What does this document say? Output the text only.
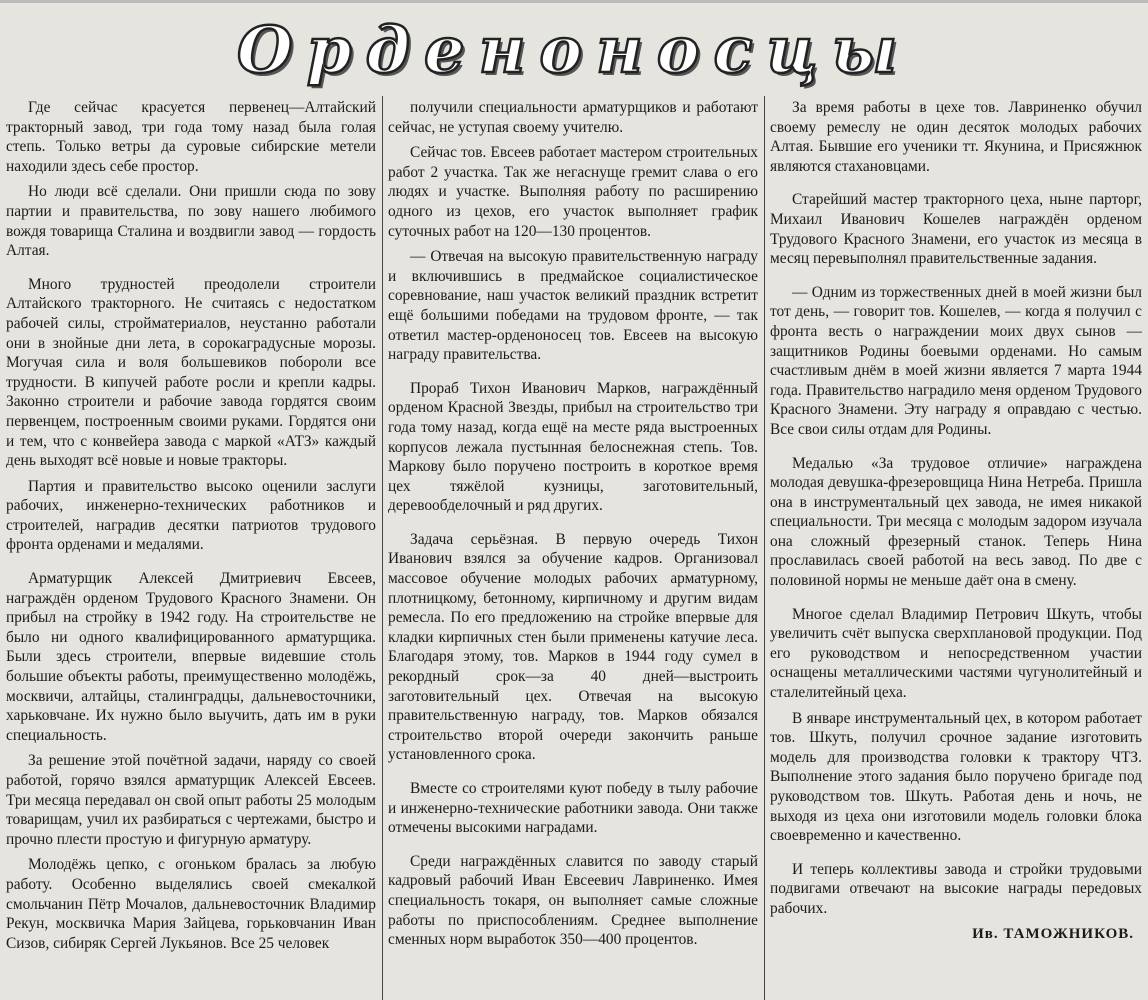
Орденоносцы

Где сейчас красуется первенец—Алтайский тракторный завод, три года тому назад была голая степь. Только ветры да суровые сибирские метели находили здесь себе простор.

Но люди всё сделали. Они пришли сюда по зову партии и правительства, по зову нашего любимого вождя товарища Сталина и воздвигли завод — гордость Алтая.

Много трудностей преодолели строители Алтайского тракторного. Не считаясь с недостатком рабочей силы, стройматериалов, неустанно работали они в знойные дни лета, в сорокаградусные морозы. Могучая сила и воля большевиков побороли все трудности. В кипучей работе росли и крепли кадры. Законно строители и рабочие завода гордятся своим первенцем, построенным своими руками. Гордятся они и тем, что с конвейера завода с маркой «АТЗ» каждый день выходят всё новые и новые тракторы.

Партия и правительство высоко оценили заслуги рабочих, инженерно-технических работников и строителей, наградив десятки патриотов трудового фронта орденами и медалями.

Арматурщик Алексей Дмитриевич Евсеев, награждён орденом Трудового Красного Знамени. Он прибыл на стройку в 1942 году. На строительстве не было ни одного квалифицированного арматурщика. Были здесь строители, впервые видевшие столь большие объекты работы, преимущественно молодёжь, москвичи, алтайцы, сталинградцы, дальневосточники, харьковчане. Их нужно было выучить, дать им в руки специальность.

За решение этой почётной задачи, наряду со своей работой, горячо взялся арматурщик Алексей Евсеев. Три месяца передавал он свой опыт работы 25 молодым товарищам, учил их разбираться с чертежами, быстро и прочно плести простую и фигурную арматуру.

Молодёжь цепко, с огоньком бралась за любую работу. Особенно выделялись своей смекалкой смольчанин Пётр Мочалов, дальневосточник Владимир Рекун, москвичка Мария Зайцева, горьковчанин Иван Сизов, сибиряк Сергей Лукьянов. Все 25 человек

получили специальности арматурщиков и работают сейчас, не уступая своему учителю.

Сейчас тов. Евсеев работает мастером строительных работ 2 участка. Так же негаснуще гремит слава о его людях и участке. Выполняя работу по расширению одного из цехов, его участок выполняет график суточных работ на 120—130 процентов.

— Отвечая на высокую правительственную награду и включившись в предмайское социалистическое соревнование, наш участок великий праздник встретит ещё большими победами на трудовом фронте, — так ответил мастер-орденоносец тов. Евсеев на высокую награду правительства.

Прораб Тихон Иванович Марков, награждённый орденом Красной Звезды, прибыл на строительство три года тому назад, когда ещё на месте ряда выстроенных корпусов лежала пустынная белоснежная степь. Тов. Маркову было поручено построить в короткое время цех тяжёлой кузницы, заготовительный, деревообделочный и ряд других.

Задача серьёзная. В первую очередь Тихон Иванович взялся за обучение кадров. Организовал массовое обучение молодых рабочих арматурному, плотницкому, бетонному, кирпичному и другим видам ремесла. По его предложению на стройке впервые для кладки кирпичных стен были применены катучие леса. Благодаря этому, тов. Марков в 1944 году сумел в рекордный срок—за 40 дней—выстроить заготовительный цех. Отвечая на высокую правительственную награду, тов. Марков обязался строительство второй очереди закончить раньше установленного срока.

Вместе со строителями куют победу в тылу рабочие и инженерно-технические работники завода. Они также отмечены высокими наградами.

Среди награждённых славится по заводу старый кадровый рабочий Иван Евсеевич Лавриненко. Имея специальность токаря, он выполняет самые сложные работы по приспособлениям. Среднее выполнение сменных норм выработок 350—400 процентов.

За время работы в цехе тов. Лавриненко обучил своему ремеслу не один десяток молодых рабочих Алтая. Бывшие его ученики тт. Якунина, и Присяжнюк являются стахановцами.

Старейший мастер тракторного цеха, ныне парторг, Михаил Иванович Кошелев награждён орденом Трудового Красного Знамени, его участок из месяца в месяц перевыполнял правительственные задания.

— Одним из торжественных дней в моей жизни был тот день, — говорит тов. Кошелев, — когда я получил с фронта весть о награждении моих двух сынов — защитников Родины боевыми орденами. Но самым счастливым днём в моей жизни является 7 марта 1944 года. Правительство наградило меня орденом Трудового Красного Знамени. Эту награду я оправдаю с честью. Все свои силы отдам для Родины.

Медалью «За трудовое отличие» награждена молодая девушка-фрезеровщица Нина Нетреба. Пришла она в инструментальный цех завода, не имея никакой специальности. Три месяца с молодым задором изучала она сложный фрезерный станок. Теперь Нина прославилась своей работой на весь завод. По две с половиной нормы не меньше даёт она в смену.

Многое сделал Владимир Петрович Шкуть, чтобы увеличить счёт выпуска сверхплановой продукции. Под его руководством и непосредственном участии оснащены металлическими частями чугунолитейный и сталелитейный цеха.

В январе инструментальный цех, в котором работает тов. Шкуть, получил срочное задание изготовить модель для производства головки к трактору ЧТЗ. Выполнение этого задания было поручено бригаде под руководством тов. Шкуть. Работая день и ночь, не выходя из цеха они изготовили модель головки блока своевременно и качественно.

И теперь коллективы завода и стройки трудовыми подвигами отвечают на высокие награды передовых рабочих.

Ив. ТАМОЖНИКОВ.
